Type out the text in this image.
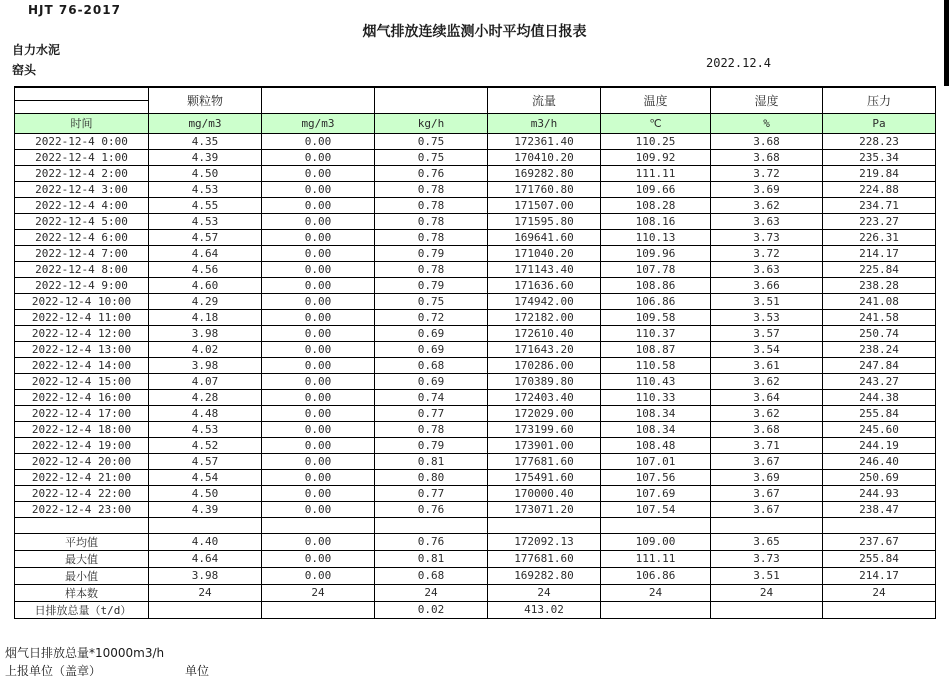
HJT 76-2017
烟气排放连续监测小时平均值日报表
自力水泥
窑头	2022.12.4
	颗粒物			流量	温度	湿度	压力

时间	mg/m3	mg/m3	kg/h	m3/h	℃	%	Pa
2022-12-4 0:00	4.35	0.00	0.75	172361.40	110.25	3.68	228.23
2022-12-4 1:00	4.39	0.00	0.75	170410.20	109.92	3.68	235.34
2022-12-4 2:00	4.50	0.00	0.76	169282.80	111.11	3.72	219.84
2022-12-4 3:00	4.53	0.00	0.78	171760.80	109.66	3.69	224.88
2022-12-4 4:00	4.55	0.00	0.78	171507.00	108.28	3.62	234.71
2022-12-4 5:00	4.53	0.00	0.78	171595.80	108.16	3.63	223.27
2022-12-4 6:00	4.57	0.00	0.78	169641.60	110.13	3.73	226.31
2022-12-4 7:00	4.64	0.00	0.79	171040.20	109.96	3.72	214.17
2022-12-4 8:00	4.56	0.00	0.78	171143.40	107.78	3.63	225.84
2022-12-4 9:00	4.60	0.00	0.79	171636.60	108.86	3.66	238.28
2022-12-4 10:00	4.29	0.00	0.75	174942.00	106.86	3.51	241.08
2022-12-4 11:00	4.18	0.00	0.72	172182.00	109.58	3.53	241.58
2022-12-4 12:00	3.98	0.00	0.69	172610.40	110.37	3.57	250.74
2022-12-4 13:00	4.02	0.00	0.69	171643.20	108.87	3.54	238.24
2022-12-4 14:00	3.98	0.00	0.68	170286.00	110.58	3.61	247.84
2022-12-4 15:00	4.07	0.00	0.69	170389.80	110.43	3.62	243.27
2022-12-4 16:00	4.28	0.00	0.74	172403.40	110.33	3.64	244.38
2022-12-4 17:00	4.48	0.00	0.77	172029.00	108.34	3.62	255.84
2022-12-4 18:00	4.53	0.00	0.78	173199.60	108.34	3.68	245.60
2022-12-4 19:00	4.52	0.00	0.79	173901.00	108.48	3.71	244.19
2022-12-4 20:00	4.57	0.00	0.81	177681.60	107.01	3.67	246.40
2022-12-4 21:00	4.54	0.00	0.80	175491.60	107.56	3.69	250.69
2022-12-4 22:00	4.50	0.00	0.77	170000.40	107.69	3.67	244.93
2022-12-4 23:00	4.39	0.00	0.76	173071.20	107.54	3.67	238.47

平均值	4.40	0.00	0.76	172092.13	109.00	3.65	237.67
最大值	4.64	0.00	0.81	177681.60	111.11	3.73	255.84
最小值	3.98	0.00	0.68	169282.80	106.86	3.51	214.17
样本数	24	24	24	24	24	24	24
日排放总量（t/d）			0.02	413.02			
烟气日排放总量*10000m3/h
上报单位（盖章）	单位
